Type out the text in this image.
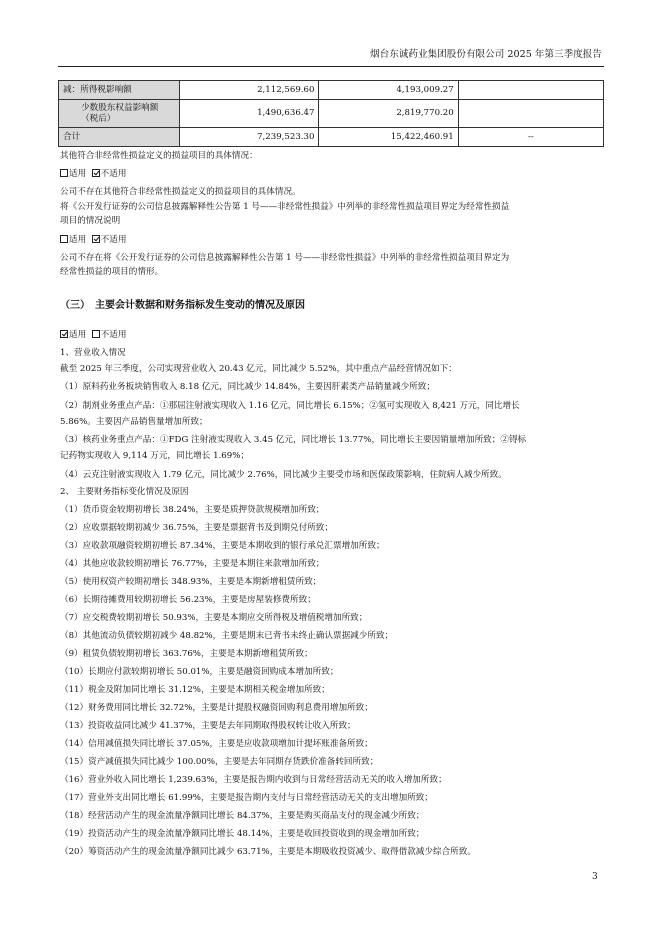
烟台东诚药业集团股份有限公司 2025 年第三季度报告
减：所得税影响额	2,112,569.60	4,193,009.27	

少数股东权益影响额（税后）	1,490,636.47	2,819,770.20	
合计	7,239,523.30	15,422,460.91	--
其他符合非经常性损益定义的损益项目的具体情况：
适用 不适用
公司不存在其他符合非经常性损益定义的损益项目的具体情况。
将《公开发行证券的公司信息披露解释性公告第 1 号——非经常性损益》中列举的非经常性损益项目界定为经常性损益
项目的情况说明
适用 不适用
公司不存在将《公开发行证券的公司信息披露解释性公告第 1 号——非经常性损益》中列举的非经常性损益项目界定为
经常性损益的项目的情形。
（三）　主要会计数据和财务指标发生变动的情况及原因
适用 不适用
1、营业收入情况
截至 2025 年三季度，公司实现营业收入 20.43 亿元，同比减少 5.52%，其中重点产品经营情况如下：
（1）原料药业务板块销售收入 8.18 亿元，同比减少 14.84%，主要因肝素类产品销量减少所致；
（2）制剂业务重点产品：①那屈注射液实现收入 1.16 亿元，同比增长 6.15%；②氢可实现收入 8,421 万元，同比增长
5.86%。主要因产品销售量增加所致；
（3）核药业务重点产品：①FDG 注射液实现收入 3.45 亿元，同比增长 13.77%，同比增长主要因销量增加所致；②锝标
记药物实现收入 9,114 万元，同比增长 1.69%；
（4）云克注射液实现收入 1.79 亿元，同比减少 2.76%，同比减少主要受市场和医保政策影响，住院病人减少所致。
2、 主要财务指标变化情况及原因
（1）货币资金较期初增长 38.24%，主要是质押贷款规模增加所致；
（2）应收票据较期初减少 36.75%，主要是票据背书及到期兑付所致；
（3）应收款项融资较期初增长 87.34%，主要是本期收到的银行承兑汇票增加所致；
（4）其他应收款较期初增长 76.77%，主要是本期往来款增加所致；
（5）使用权资产较期初增长 348.93%，主要是本期新增租赁所致；
（6）长期待摊费用较期初增长 56.23%，主要是房屋装修费所致；
（7）应交税费较期初增长 50.93%，主要是本期应交所得税及增值税增加所致；
（8）其他流动负债较期初减少 48.82%，主要是期末已背书未终止确认票据减少所致；
（9）租赁负债较期初增长 363.76%，主要是本期新增租赁所致；
（10）长期应付款较期初增长 50.01%，主要是融资回购成本增加所致；
（11）税金及附加同比增长 31.12%，主要是本期相关税金增加所致；
（12）财务费用同比增长 32.72%，主要是计提股权融资回购利息费用增加所致；
（13）投资收益同比减少 41.37%，主要是去年同期取得股权转让收入所致；
（14）信用减值损失同比增长 37.05%，主要是应收款项增加计提坏账准备所致；
（15）资产减值损失同比减少 100.00%，主要是去年同期存货跌价准备转回所致；
（16）营业外收入同比增长 1,239.63%，主要是报告期内收到与日常经营活动无关的收入增加所致；
（17）营业外支出同比增长 61.99%，主要是报告期内支付与日常经营活动无关的支出增加所致；
（18）经营活动产生的现金流量净额同比增长 84.37%，主要是购买商品支付的现金减少所致；
（19）投资活动产生的现金流量净额同比增长 48.14%，主要是收回投资收到的现金增加所致；
（20）筹资活动产生的现金流量净额同比减少 63.71%，主要是本期吸收投资减少、取得借款减少综合所致。
3
